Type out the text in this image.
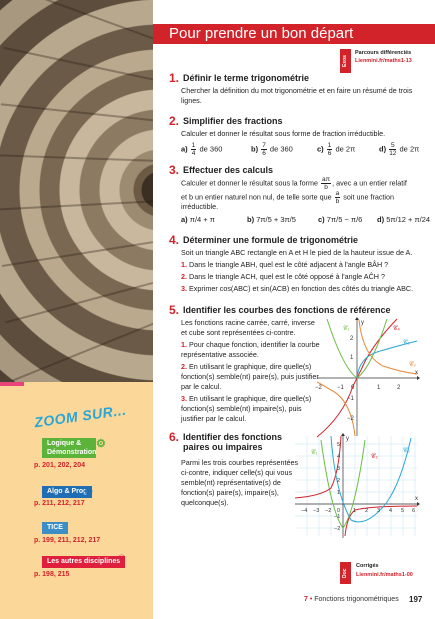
ZOOM SUR...
Logique & Démonstration
⚙
p. 201, 202, 204
Algo & Prog
◈
p. 211, 212, 217
TICE
p. 199, 211, 212, 217
Les autres disciplines
☺
p. 198, 215
Pour prendre un bon départ
Exos
Parcours différenciés
Lienmini.fr/maths1-13
1. Définir le terme trigonométrie
Chercher la définition du mot trigonométrie et en faire un résumé de trois lignes.
2. Simplifier des fractions
Calculer et donner le résultat sous forme de fraction irréductible.
$a) \frac{1}{4}$ de 360	$b) \frac{7}{6}$ de 360	$c) \frac{1}{6}$ de 2π	$d) \frac{5}{12}$ de 2π
3. Effectuer des calculs
Calculer et donner le résultat sous la forme $\frac{a\pi}{b}$ , avec a un entier relatif
et b un entier naturel non nul, de telle sorte que $\frac{a}{b}$ soit une fraction
irréductible.
a) π/4 + π	b) 7π/5 + 3π/5	c) 7π/5 − π/6 d) 5π/12 + π/24
4. Déterminer une formule de trigonométrie
Soit un triangle ABC rectangle en A et H le pied de la hauteur issue de A.
1. Dans le triangle ABH, quel est le côté adjacent à l'angle BÂH ?
2. Dans le triangle ACH, quel est le côté opposé à l'angle AĈH ?
3. Exprimer cos(ABC) et sin(ACB) en fonction des côtés du triangle ABC.
5. Identifier les courbes des fonctions de référence
Les fonctions racine carrée, carré, inverse et cube sont représentées ci-contre.
1. Pour chaque fonction, identifier la courbe représentative associée.
2. En utilisant le graphique, dire quelle(s) fonction(s) semble(nt) paire(s), puis justifier par le calcul.
3. En utilisant le graphique, dire quelle(s) fonction(s) semble(nt) impaire(s), puis justifier par le calcul.
𝒞₁
𝒞₂
𝒞₃
𝒞₄
−2	−1 0	1	2
2
1
−1
−2
x
y
6. Identifier des fonctions paires ou impaires
Parmi les trois courbes représentées ci-contre, indiquer celle(s) qui vous semble(nt) représentative(s) de fonction(s) paire(s), impaire(s), quelconque(s).
𝒞₁
𝒞₂
𝒞₃
−4 −3 −2	1 2 3 4 5 6
5
4
3
2
1
−1
−2
0
x
y
Doc
Corrigés
Lienmini.fr/maths1-00
7 • Fonctions trigonométriques 197
